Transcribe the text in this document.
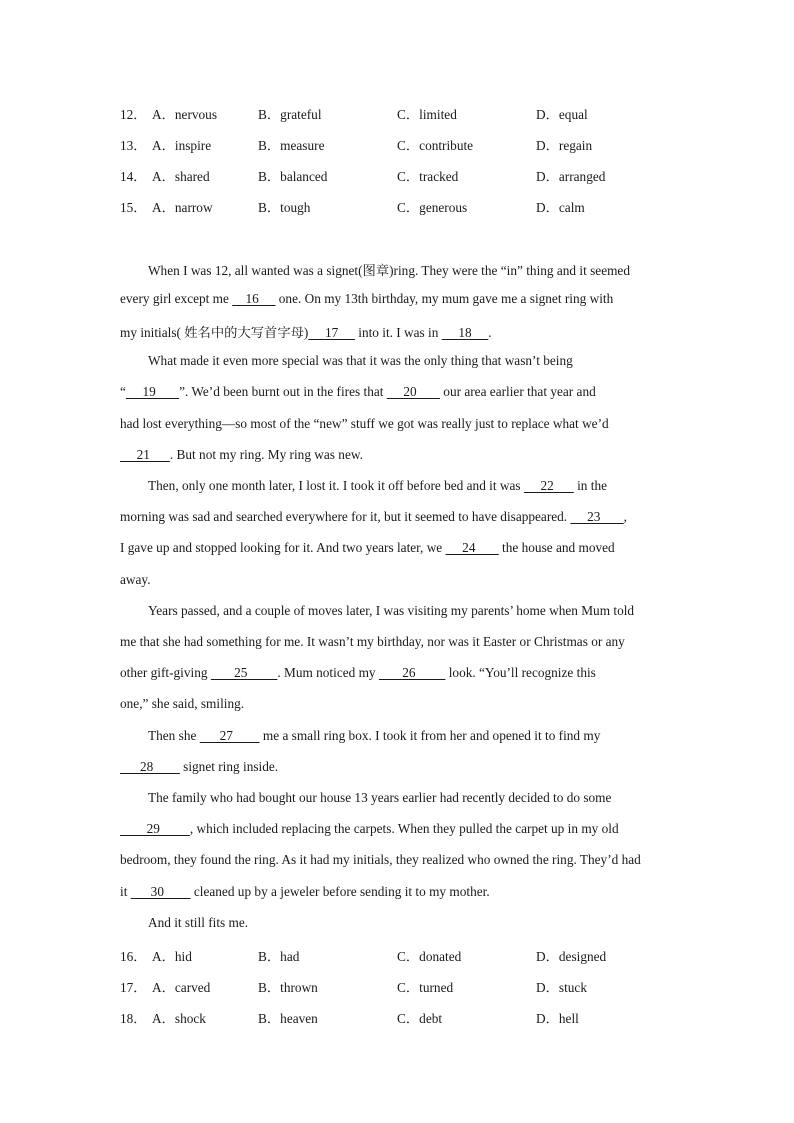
12． A．nervous	B．grateful	C．limited	D．equal
13． A．inspire	B．measure	C．contribute	D．regain
14． A．shared	B．balanced	C．tracked	D．arranged
15． A．narrow	B．tough	C．generous	D．calm
When I was 12, all wanted was a signet(图章)ring. They were the “in” thing and it seemed
every girl except me     16      one. On my 13th birthday, my mum gave me a signet ring with
my initials( 姓名中的大写首字母)     17      into it. I was in      18     .
What made it even more special was that it was the only thing that wasn’t being
“     19       ”. We’d been burnt out in the fires that      20        our area earlier that year and
had lost everything—so most of the “new” stuff we got was really just to replace what we’d
21      . But not my ring. My ring was new.
Then, only one month later, I lost it. I took it off before bed and it was      22       in the
morning was sad and searched everywhere for it, but it seemed to have disappeared.      23       ,
I gave up and stopped looking for it. And two years later, we      24        the house and moved
away.
Years passed, and a couple of moves later, I was visiting my parents’ home when Mum told
me that she had something for me. It wasn’t my birthday, nor was it Easter or Christmas or any
other gift-giving        25         . Mum noticed my        26          look. “You’ll recognize this
one,” she said, smiling.
Then she       27         me a small ring box. I took it from her and opened it to find my
28         signet ring inside.
The family who had bought our house 13 years earlier had recently decided to do some
29         , which included replacing the carpets. When they pulled the carpet up in my old
bedroom, they found the ring. As it had my initials, they realized who owned the ring. They’d had
it       30         cleaned up by a jeweler before sending it to my mother.
And it still fits me.
16． A．hid	B．had	C．donated	D．designed
17． A．carved	B．thrown	C．turned	D．stuck
18． A．shock	B．heaven	C．debt	D．hell
